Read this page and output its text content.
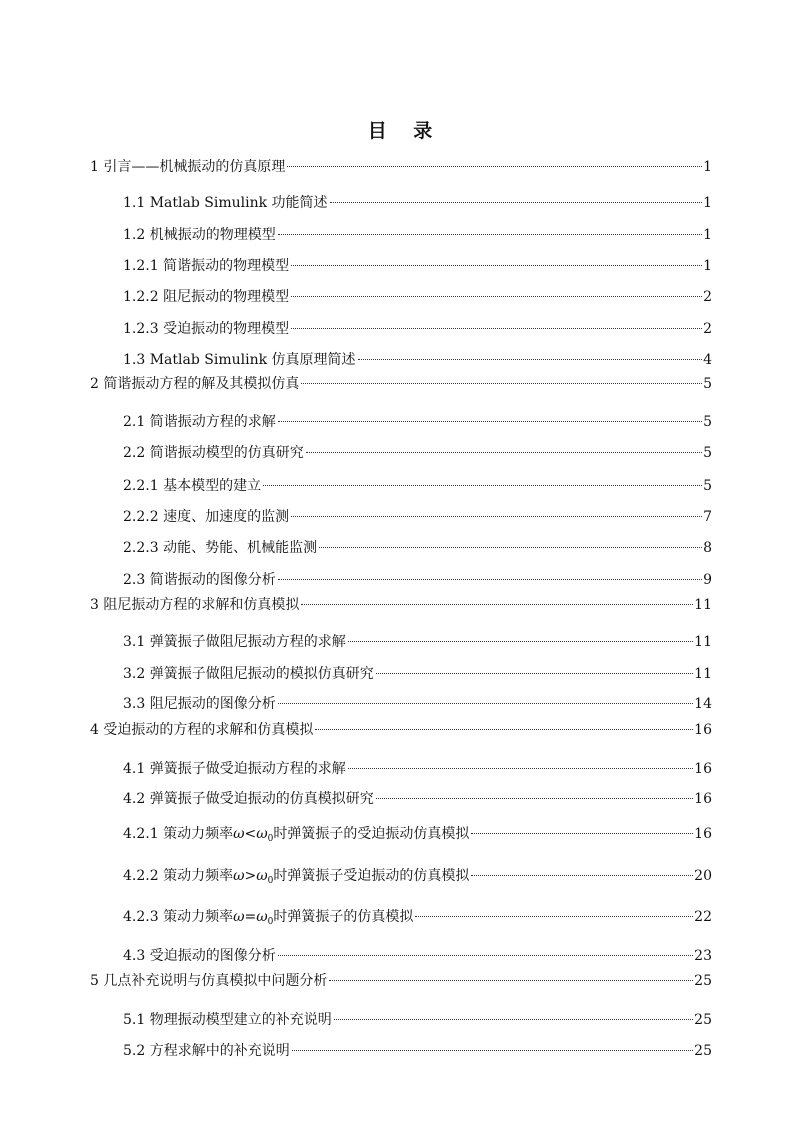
目 录
1 引言——机械振动的仿真原理	1
1.1 Matlab Simulink 功能简述	1
1.2 机械振动的物理模型	1
1.2.1 简谐振动的物理模型	1
1.2.2 阻尼振动的物理模型	2
1.2.3 受迫振动的物理模型	2
1.3 Matlab Simulink 仿真原理简述	4
2 简谐振动方程的解及其模拟仿真	5
2.1 简谐振动方程的求解	5
2.2 简谐振动模型的仿真研究	5
2.2.1 基本模型的建立	5
2.2.2 速度、加速度的监测	7
2.2.3 动能、势能、机械能监测	8
2.3 简谐振动的图像分析	9
3 阻尼振动方程的求解和仿真模拟	11
3.1 弹簧振子做阻尼振动方程的求解	11
3.2 弹簧振子做阻尼振动的模拟仿真研究	11
3.3 阻尼振动的图像分析	14
4 受迫振动的方程的求解和仿真模拟	16
4.1 弹簧振子做受迫振动方程的求解	16
4.2 弹簧振子做受迫振动的仿真模拟研究	16
4.2.1 策动力频率$\omega<\omega_0$时弹簧振子的受迫振动仿真模拟	16
4.2.2 策动力频率$\omega>\omega_0$时弹簧振子受迫振动的仿真模拟	20
4.2.3 策动力频率$\omega=\omega_0$时弹簧振子的仿真模拟	22
4.3 受迫振动的图像分析	23
5 几点补充说明与仿真模拟中问题分析	25
5.1 物理振动模型建立的补充说明	25
5.2 方程求解中的补充说明	25
